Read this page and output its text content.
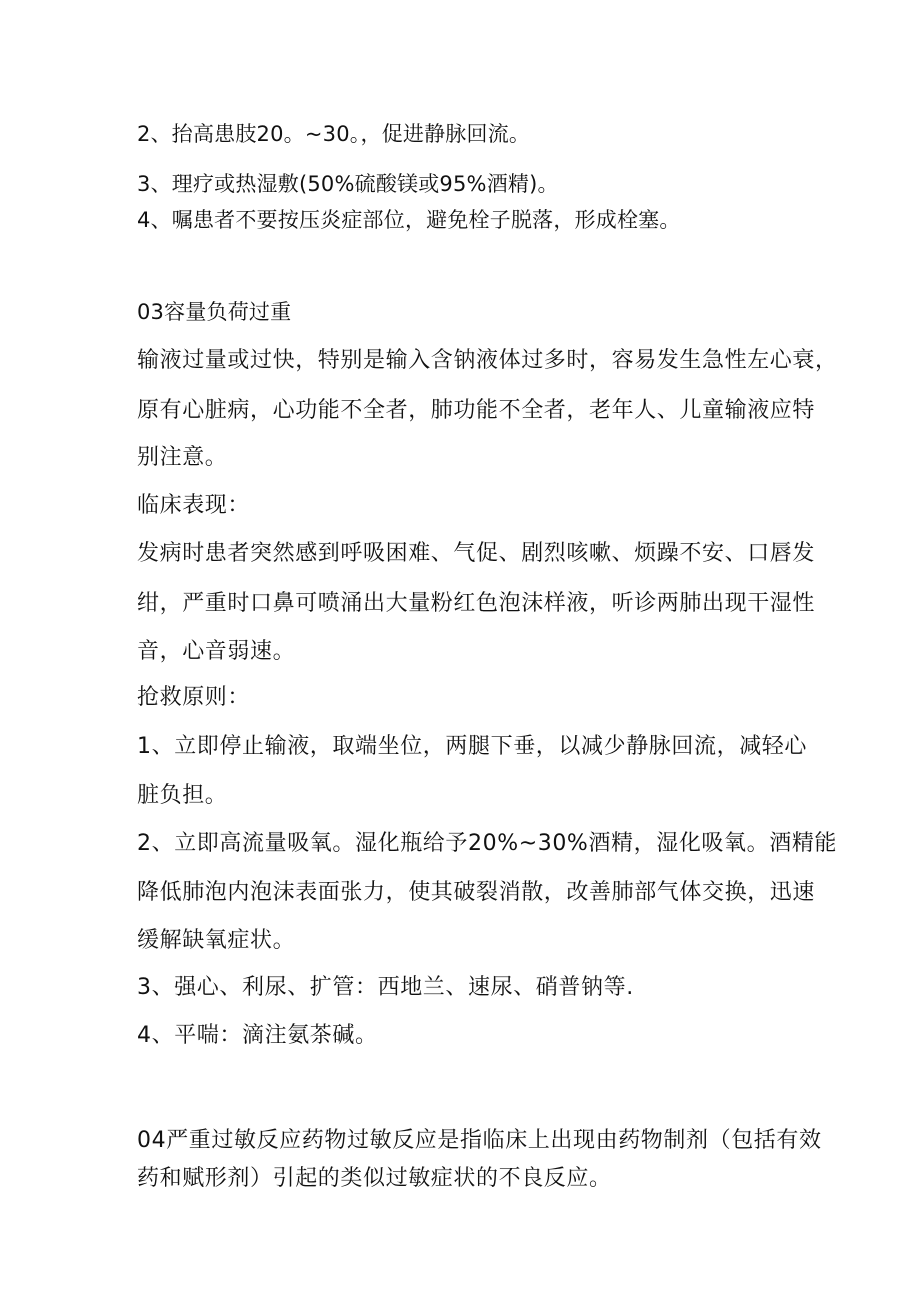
2、抬高患肢20。~30。，促进静脉回流。
3、理疗或热湿敷(50%硫酸镁或95%酒精)。
4、嘱患者不要按压炎症部位，避免栓子脱落，形成栓塞。
03容量负荷过重
输液过量或过快，特别是输入含钠液体过多时，容易发生急性左心衰，
原有心脏病，心功能不全者，肺功能不全者，老年人、儿童输液应特
别注意。
临床表现：
发病时患者突然感到呼吸困难、气促、剧烈咳嗽、烦躁不安、口唇发
绀，严重时口鼻可喷涌出大量粉红色泡沫样液，听诊两肺出现干湿性
音，心音弱速。
抢救原则：
1、立即停止输液，取端坐位，两腿下垂，以减少静脉回流，减轻心
脏负担。
2、立即高流量吸氧。湿化瓶给予20%~30%酒精，湿化吸氧。酒精能
降低肺泡内泡沫表面张力，使其破裂消散，改善肺部气体交换，迅速
缓解缺氧症状。
3、强心、利尿、扩管：西地兰、速尿、硝普钠等.
4、平喘：滴注氨茶碱。
04严重过敏反应药物过敏反应是指临床上出现由药物制剂（包括有效
药和赋形剂）引起的类似过敏症状的不良反应。
